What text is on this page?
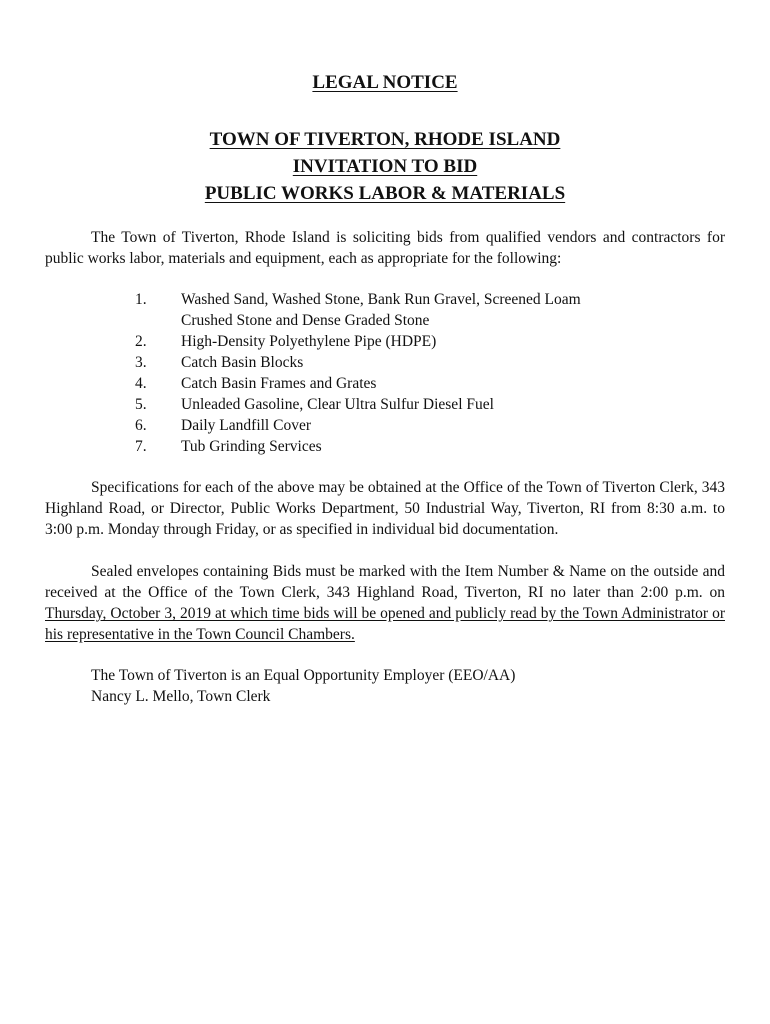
LEGAL NOTICE
TOWN OF TIVERTON, RHODE ISLAND
INVITATION TO BID
PUBLIC WORKS LABOR & MATERIALS

The Town of Tiverton, Rhode Island is soliciting bids from qualified vendors and contractors for public works labor, materials and equipment, each as appropriate for the following:

1. Washed Sand, Washed Stone, Bank Run Gravel, Screened Loam
Crushed Stone and Dense Graded Stone
2. High-Density Polyethylene Pipe (HDPE)
3. Catch Basin Blocks
4. Catch Basin Frames and Grates
5. Unleaded Gasoline, Clear Ultra Sulfur Diesel Fuel
6. Daily Landfill Cover
7. Tub Grinding Services

Specifications for each of the above may be obtained at the Office of the Town of Tiverton Clerk, 343 Highland Road, or Director, Public Works Department, 50 Industrial Way, Tiverton, RI from 8:30 a.m. to 3:00 p.m. Monday through Friday, or as specified in individual bid documentation.

Sealed envelopes containing Bids must be marked with the Item Number & Name on the outside and received at the Office of the Town Clerk, 343 Highland Road, Tiverton, RI no later than 2:00 p.m. on Thursday, October 3, 2019 at which time bids will be opened and publicly read by the Town Administrator or his representative in the Town Council Chambers.

The Town of Tiverton is an Equal Opportunity Employer (EEO/AA)
Nancy L. Mello, Town Clerk
